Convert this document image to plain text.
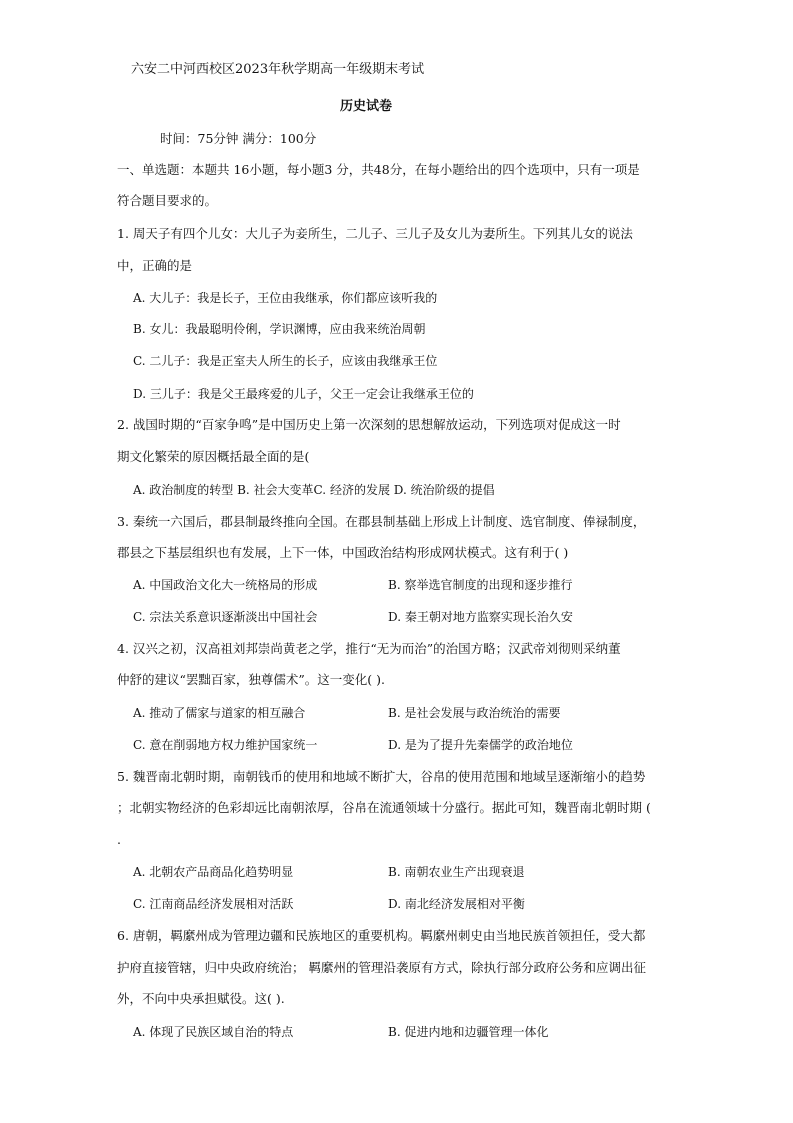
六安二中河西校区2023年秋学期高一年级期末考试
历史试卷
时间：75分钟 满分：100分
一、单选题：本题共 16小题，每小题3 分，共48分，在每小题给出的四个选项中，只有一项是
符合题目要求的。
1. 周天子有四个儿女：大儿子为妾所生，二儿子、三儿子及女儿为妻所生。下列其儿女的说法
中，正确的是
A. 大儿子：我是长子，王位由我继承，你们都应该听我的
B. 女儿：我最聪明伶俐，学识渊博，应由我来统治周朝
C. 二儿子：我是正室夫人所生的长子，应该由我继承王位
D. 三儿子：我是父王最疼爱的儿子，父王一定会让我继承王位的
2. 战国时期的“百家争鸣”是中国历史上第一次深刻的思想解放运动，下列选项对促成这一时
期文化繁荣的原因概括最全面的是(
A. 政治制度的转型 B. 社会大变革C. 经济的发展 D. 统治阶级的提倡
3. 秦统一六国后，郡县制最终推向全国。在郡县制基础上形成上计制度、选官制度、俸禄制度，
郡县之下基层组织也有发展，上下一体，中国政治结构形成网状模式。这有利于( )
A. 中国政治文化大一统格局的形成	B. 察举选官制度的出现和逐步推行
C. 宗法关系意识逐渐淡出中国社会	D. 秦王朝对地方监察实现长治久安
4. 汉兴之初，汉高祖刘邦崇尚黄老之学，推行“无为而治”的治国方略；汉武帝刘彻则采纳董
仲舒的建议“罢黜百家，独尊儒术”。这一变化( ).
A. 推动了儒家与道家的相互融合	B. 是社会发展与政治统治的需要
C. 意在削弱地方权力维护国家统一	D. 是为了提升先秦儒学的政治地位
5. 魏晋南北朝时期，南朝钱币的使用和地域不断扩大，谷帛的使用范围和地域呈逐渐缩小的趋势
；北朝实物经济的色彩却远比南朝浓厚，谷帛在流通领域十分盛行。据此可知，魏晋南北朝时期 (
.
A. 北朝农产品商品化趋势明显	B. 南朝农业生产出现衰退
C. 江南商品经济发展相对活跃	D. 南北经济发展相对平衡
6. 唐朝，羁縻州成为管理边疆和民族地区的重要机构。羁縻州刺史由当地民族首领担任，受大都
护府直接管辖，归中央政府统治； 羁縻州的管理沿袭原有方式，除执行部分政府公务和应调出征
外，不向中央承担赋役。这( ).
A. 体现了民族区域自治的特点	B. 促进内地和边疆管理一体化
